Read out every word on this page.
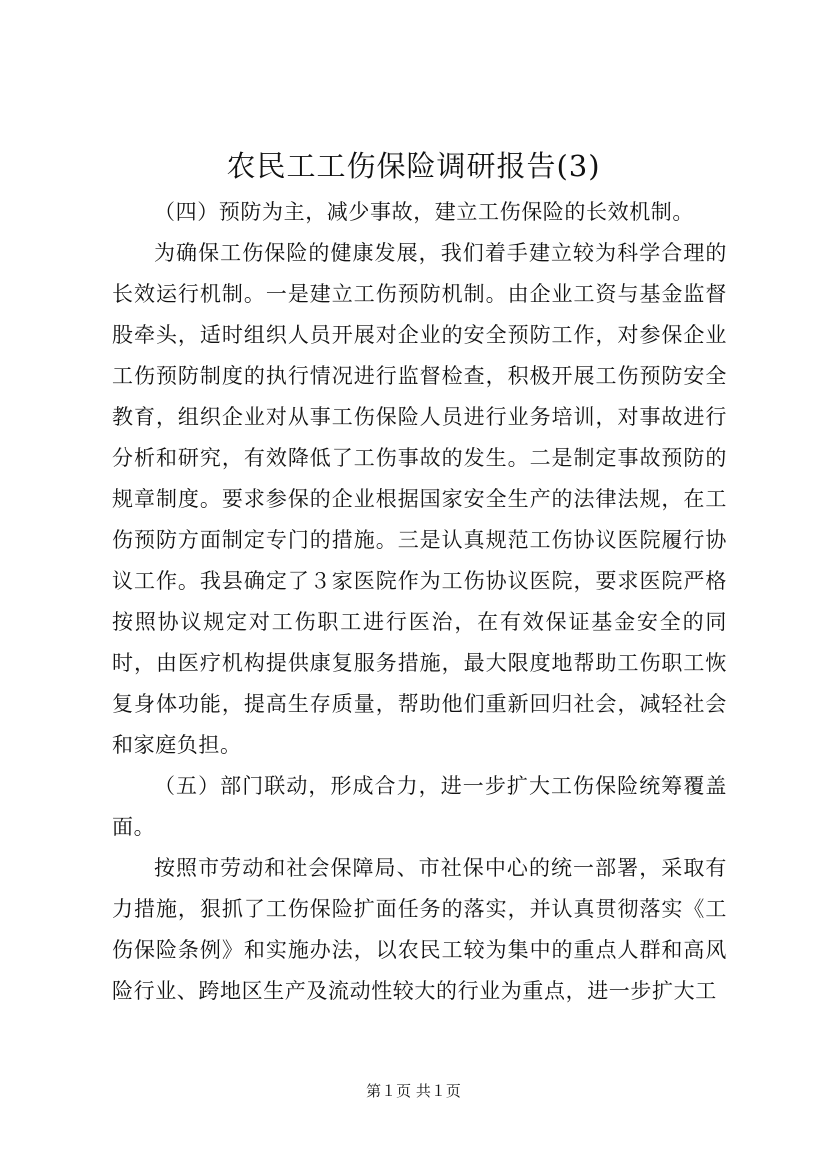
农民工工伤保险调研报告(3)

（四）预防为主，减少事故，建立工伤保险的长效机制。

为确保工伤保险的健康发展，我们着手建立较为科学合理的长效运行机制。一是建立工伤预防机制。由企业工资与基金监督股牵头，适时组织人员开展对企业的安全预防工作，对参保企业工伤预防制度的执行情况进行监督检查，积极开展工伤预防安全教育，组织企业对从事工伤保险人员进行业务培训，对事故进行分析和研究，有效降低了工伤事故的发生。二是制定事故预防的规章制度。要求参保的企业根据国家安全生产的法律法规，在工伤预防方面制定专门的措施。三是认真规范工伤协议医院履行协议工作。我县确定了３家医院作为工伤协议医院，要求医院严格按照协议规定对工伤职工进行医治，在有效保证基金安全的同时，由医疗机构提供康复服务措施，最大限度地帮助工伤职工恢复身体功能，提高生存质量，帮助他们重新回归社会，减轻社会和家庭负担。

（五）部门联动，形成合力，进一步扩大工伤保险统筹覆盖面。

按照市劳动和社会保障局、市社保中心的统一部署，采取有力措施，狠抓了工伤保险扩面任务的落实，并认真贯彻落实《工伤保险条例》和实施办法，以农民工较为集中的重点人群和高风险行业、跨地区生产及流动性较大的行业为重点，进一步扩大工

第１页 共１页
